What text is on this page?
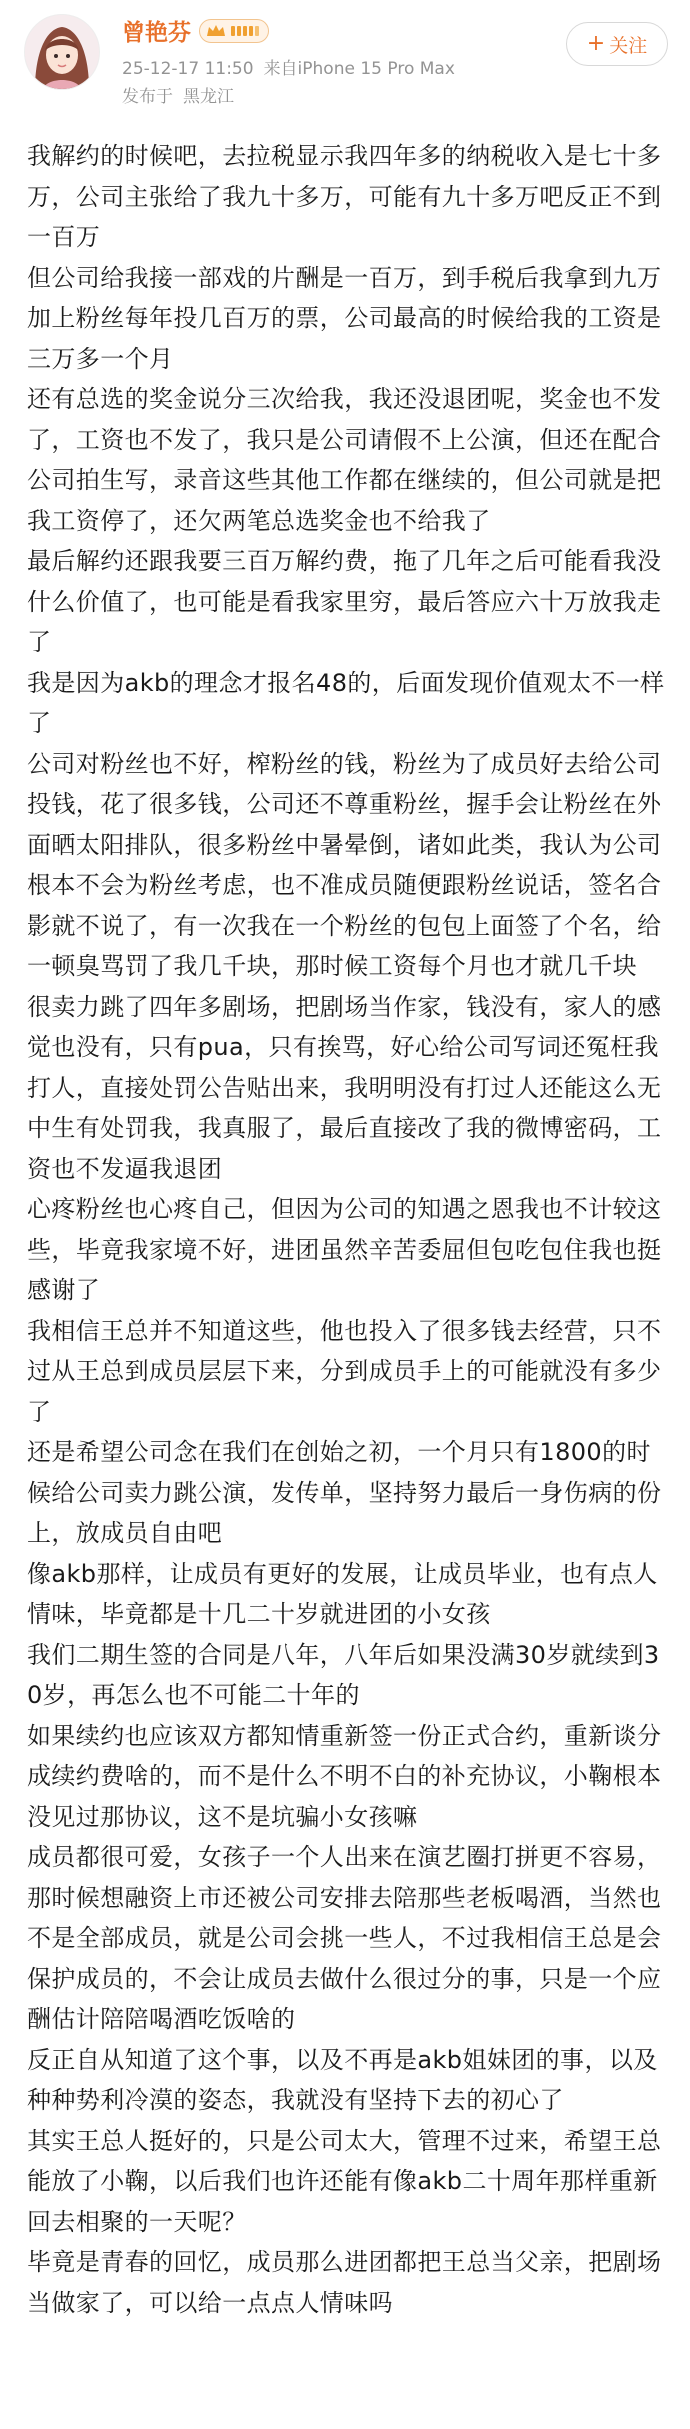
曾艳芬
25-12-17 11:50 来自iPhone 15 Pro Max
发布于 黑龙江
+ 关注

我解约的时候吧，去拉税显示我四年多的纳税收入是七十多万，公司主张给了我九十多万，可能有九十多万吧反正不到一百万

但公司给我接一部戏的片酬是一百万，到手税后我拿到九万

加上粉丝每年投几百万的票，公司最高的时候给我的工资是三万多一个月

还有总选的奖金说分三次给我，我还没退团呢，奖金也不发了，工资也不发了，我只是公司请假不上公演，但还在配合公司拍生写，录音这些其他工作都在继续的，但公司就是把我工资停了，还欠两笔总选奖金也不给我了

最后解约还跟我要三百万解约费，拖了几年之后可能看我没什么价值了，也可能是看我家里穷，最后答应六十万放我走了

我是因为akb的理念才报名48的，后面发现价值观太不一样了

公司对粉丝也不好，榨粉丝的钱，粉丝为了成员好去给公司投钱，花了很多钱，公司还不尊重粉丝，握手会让粉丝在外面晒太阳排队，很多粉丝中暑晕倒，诸如此类，我认为公司根本不会为粉丝考虑，也不准成员随便跟粉丝说话，签名合影就不说了，有一次我在一个粉丝的包包上面签了个名，给一顿臭骂罚了我几千块，那时候工资每个月也才就几千块

很卖力跳了四年多剧场，把剧场当作家，钱没有，家人的感觉也没有，只有pua，只有挨骂，好心给公司写词还冤枉我打人，直接处罚公告贴出来，我明明没有打过人还能这么无中生有处罚我，我真服了，最后直接改了我的微博密码，工资也不发逼我退团

心疼粉丝也心疼自己，但因为公司的知遇之恩我也不计较这些，毕竟我家境不好，进团虽然辛苦委屈但包吃包住我也挺感谢了

我相信王总并不知道这些，他也投入了很多钱去经营，只不过从王总到成员层层下来，分到成员手上的可能就没有多少了

还是希望公司念在我们在创始之初，一个月只有1800的时候给公司卖力跳公演，发传单，坚持努力最后一身伤病的份上，放成员自由吧

像akb那样，让成员有更好的发展，让成员毕业，也有点人情味，毕竟都是十几二十岁就进团的小女孩

我们二期生签的合同是八年，八年后如果没满30岁就续到30岁，再怎么也不可能二十年的

如果续约也应该双方都知情重新签一份正式合约，重新谈分成续约费啥的，而不是什么不明不白的补充协议，小鞠根本没见过那协议，这不是坑骗小女孩嘛

成员都很可爱，女孩子一个人出来在演艺圈打拼更不容易，那时候想融资上市还被公司安排去陪那些老板喝酒，当然也不是全部成员，就是公司会挑一些人，不过我相信王总是会保护成员的，不会让成员去做什么很过分的事，只是一个应酬估计陪陪喝酒吃饭啥的

反正自从知道了这个事，以及不再是akb姐妹团的事，以及种种势利冷漠的姿态，我就没有坚持下去的初心了

其实王总人挺好的，只是公司太大，管理不过来，希望王总能放了小鞠，以后我们也许还能有像akb二十周年那样重新回去相聚的一天呢？

毕竟是青春的回忆，成员那么进团都把王总当父亲，把剧场当做家了，可以给一点点人情味吗
